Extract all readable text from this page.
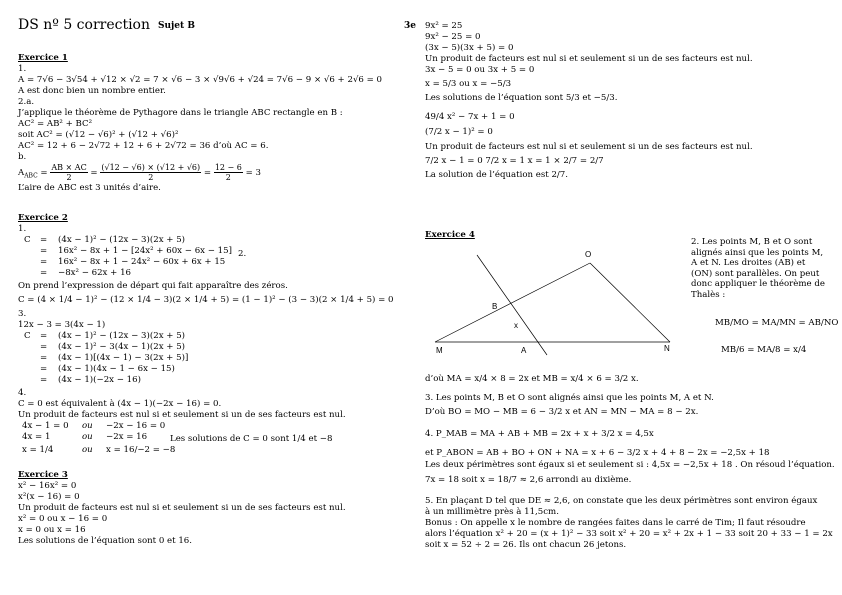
DS nº 5 correction Sujet B	3e
Exercice 1
1.
A = 7√6 − 3√54 + √12 × √2 = 7 × √6 − 3 × √9√6 + √24 = 7√6 − 9 × √6 + 2√6 = 0
A est donc bien un nombre entier.
2.a.
J’applique le théorème de Pythagore dans le triangle ABC rectangle en B :
AC² = AB² + BC²
soit AC² = (√12 − √6)² + (√12 + √6)²
AC² = 12 + 6 − 2√72 + 12 + 6 + 2√72 = 36 d’où AC = 6.
b.
$A_{ABC} = \frac{AB \times AC}{2} = \frac{(√12 - √6) \times (√12 + √6)}{2} = \frac{12 - 6}{2} = 3$
L’aire de ABC est 3 unités d’aire.
Exercice 2
1.
C = (4x − 1)² − (12x − 3)(2x + 5)
= 16x² − 8x + 1 − [24x² + 60x − 6x − 15] 2.
= 16x² − 8x + 1 − 24x² − 60x + 6x + 15
= −8x² − 62x + 16
On prend l’expression de départ qui fait apparaître des zéros.
C = (4 × 1/4 − 1)² − (12 × 1/4 − 3)(2 × 1/4 + 5) = (1 − 1)² − (3 − 3)(2 × 1/4 + 5) = 0
3.
12x − 3 = 3(4x − 1)
C = (4x − 1)² − (12x − 3)(2x + 5)
= (4x − 1)² − 3(4x − 1)(2x + 5)
= (4x − 1)[(4x − 1) − 3(2x + 5)]
= (4x − 1)(4x − 1 − 6x − 15)
= (4x − 1)(−2x − 16)
4.
C = 0 est équivalent à (4x − 1)(−2x − 16) = 0.
Un produit de facteurs est nul si et seulement si un de ses facteurs est nul.
4x − 1 = 0
4x = 1
x = 1/4
ou
ou
ou
−2x − 16 = 0
−2x = 16
x = 16/−2 = −8
Les solutions de C = 0 sont 1/4 et −8
Exercice 3
x² − 16x² = 0
x²(x − 16) = 0
Un produit de facteurs est nul si et seulement si un de ses facteurs est nul.
x² = 0 ou x − 16 = 0
x = 0 ou x = 16
Les solutions de l’équation sont 0 et 16.
9x² = 25
9x² − 25 = 0
(3x − 5)(3x + 5) = 0
Un produit de facteurs est nul si et seulement si un de ses facteurs est nul.
3x − 5 = 0 ou 3x + 5 = 0
x = 5/3 ou x = −5/3
Les solutions de l’équation sont 5/3 et −5/3.
49/4 x² − 7x + 1 = 0
(7/2 x − 1)² = 0
Un produit de facteurs est nul si et seulement si un de ses facteurs est nul.
7/2 x − 1 = 0 7/2 x = 1 x = 1 × 2/7 = 2/7
La solution de l’équation est 2/7.
Exercice 4
O
B
x
M	A	N
2. Les points M, B et O sont alignés ainsi que les points M, A et N. Les droites (AB) et (ON) sont parallèles. On peut donc appliquer le théorème de Thalès :
MB/MO = MA/MN = AB/NO
MB/6 = MA/8 = x/4
d’où MA = x/4 × 8 = 2x et MB = x/4 × 6 = 3/2 x.
3. Les points M, B et O sont alignés ainsi que les points M, A et N.
D’où BO = MO − MB = 6 − 3/2 x et AN = MN − MA = 8 − 2x.
4. P_MAB = MA + AB + MB = 2x + x + 3/2 x = 4,5x
et P_ABON = AB + BO + ON + NA = x + 6 − 3/2 x + 4 + 8 − 2x = −2,5x + 18
Les deux périmètres sont égaux si et seulement si : 4,5x = −2,5x + 18 . On résoud l’équation.
7x = 18 soit x = 18/7 ≈ 2,6 arrondi au dixième.
5. En plaçant D tel que DE ≈ 2,6, on constate que les deux périmètres sont environ égaux
à un millimètre près à 11,5cm.
Bonus : On appelle x le nombre de rangées faites dans le carré de Tim; Il faut résoudre
alors l’équation x² + 20 = (x + 1)² − 33 soit x² + 20 = x² + 2x + 1 − 33 soit 20 + 33 − 1 = 2x
soit x = 52 ÷ 2 = 26. Ils ont chacun 26 jetons.
